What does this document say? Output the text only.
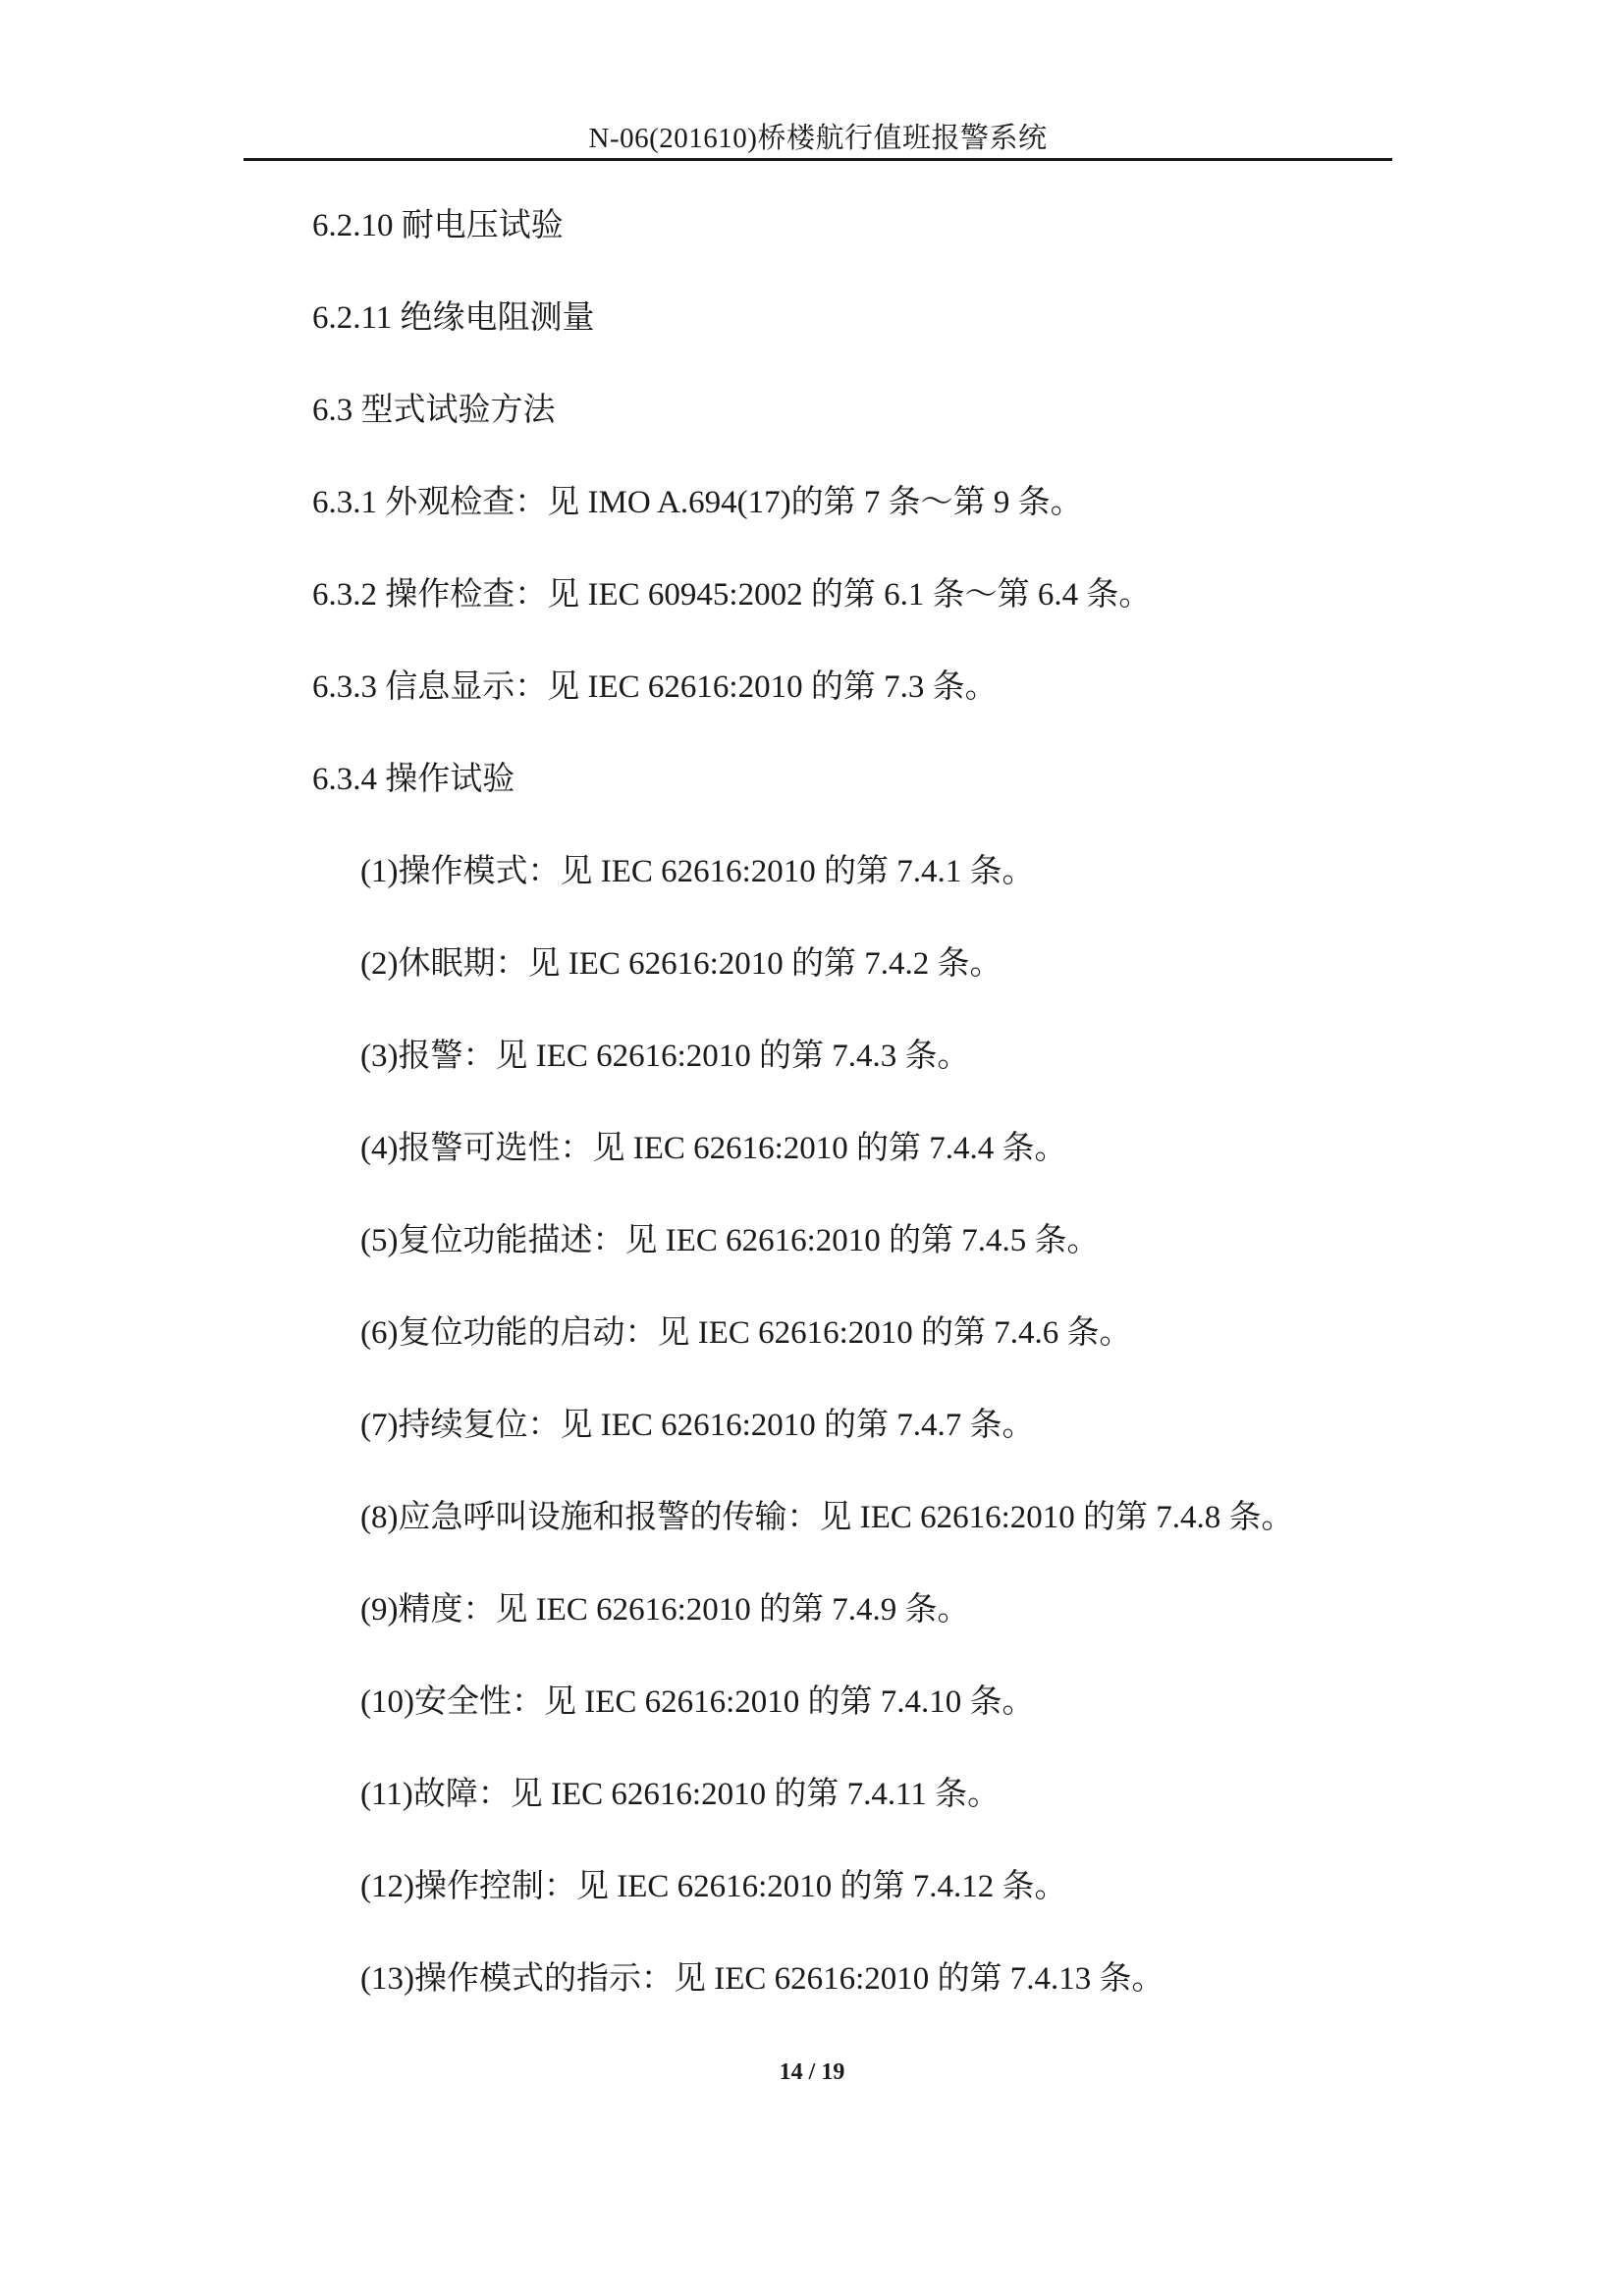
N-06(201610)桥楼航行值班报警系统
6.2.10 耐电压试验
6.2.11 绝缘电阻测量
6.3 型式试验方法
6.3.1 外观检查：见 IMO A.694(17)的第 7 条～第 9 条。
6.3.2 操作检查：见 IEC 60945:2002 的第 6.1 条～第 6.4 条。
6.3.3 信息显示：见 IEC 62616:2010 的第 7.3 条。
6.3.4 操作试验
(1)操作模式：见 IEC 62616:2010 的第 7.4.1 条。
(2)休眠期：见 IEC 62616:2010 的第 7.4.2 条。
(3)报警：见 IEC 62616:2010 的第 7.4.3 条。
(4)报警可选性：见 IEC 62616:2010 的第 7.4.4 条。
(5)复位功能描述：见 IEC 62616:2010 的第 7.4.5 条。
(6)复位功能的启动：见 IEC 62616:2010 的第 7.4.6 条。
(7)持续复位：见 IEC 62616:2010 的第 7.4.7 条。
(8)应急呼叫设施和报警的传输：见 IEC 62616:2010 的第 7.4.8 条。
(9)精度：见 IEC 62616:2010 的第 7.4.9 条。
(10)安全性：见 IEC 62616:2010 的第 7.4.10 条。
(11)故障：见 IEC 62616:2010 的第 7.4.11 条。
(12)操作控制：见 IEC 62616:2010 的第 7.4.12 条。
(13)操作模式的指示：见 IEC 62616:2010 的第 7.4.13 条。
14 / 19
